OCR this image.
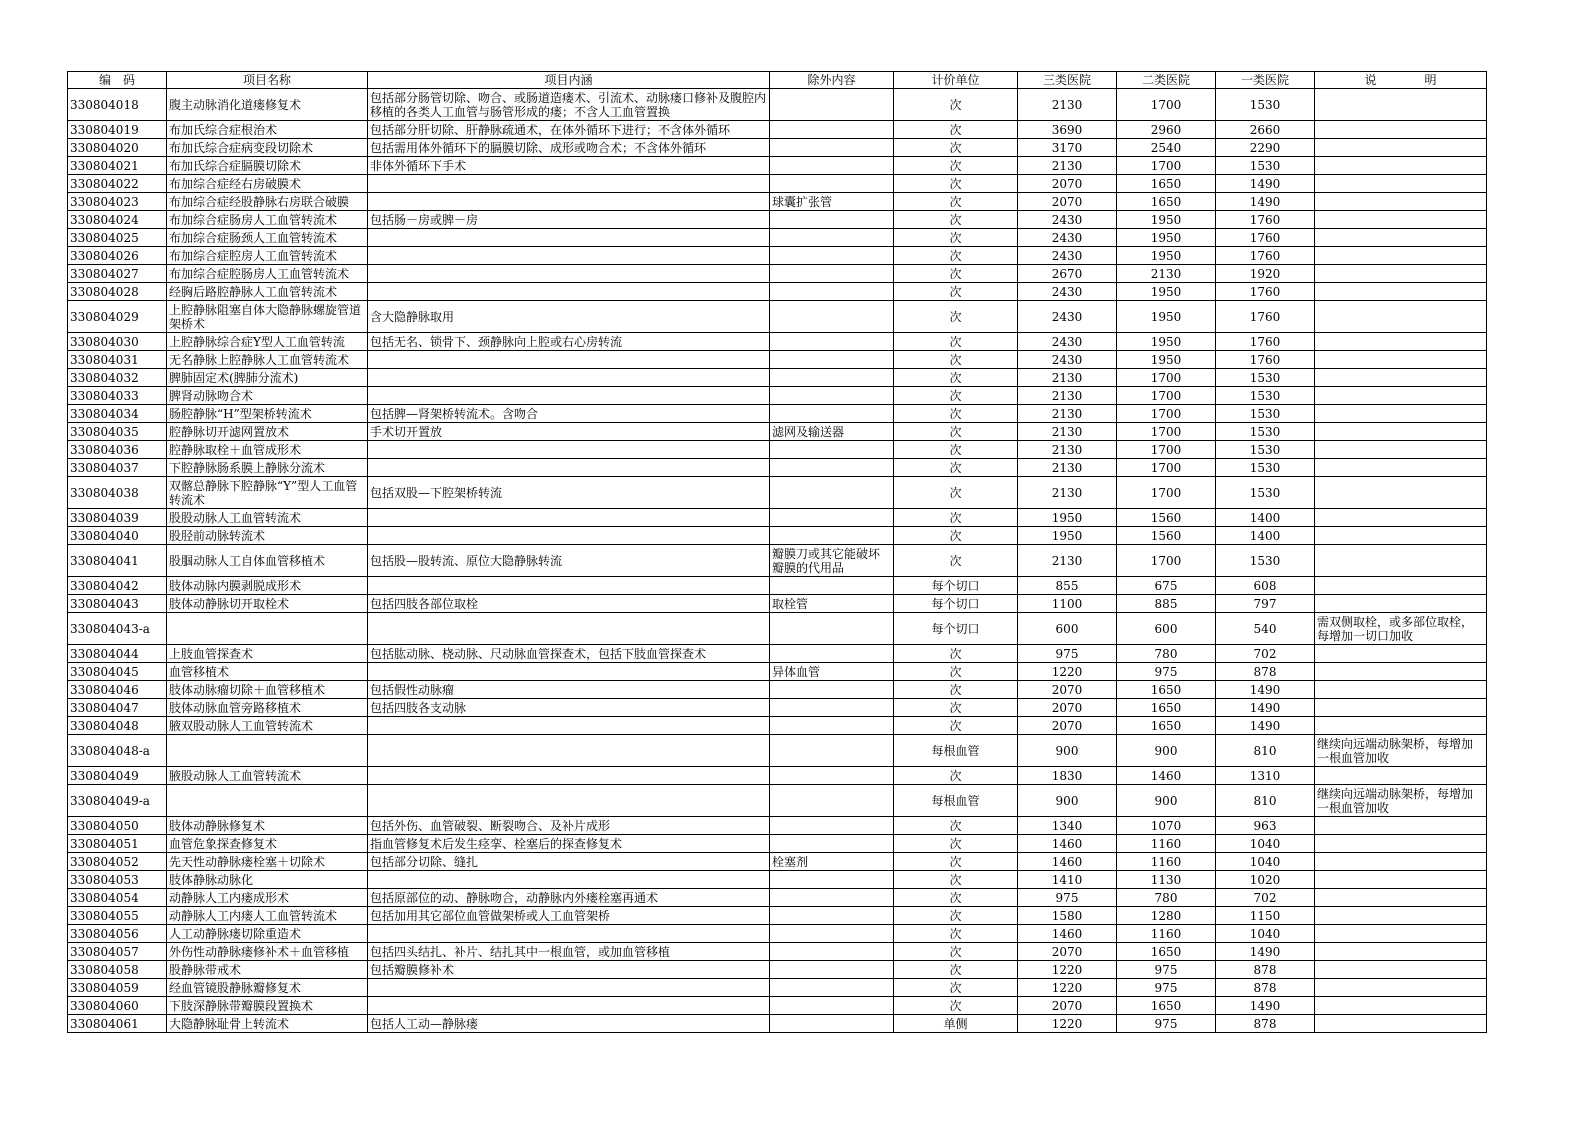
编　码	项目名称	项目内涵	除外内容	计价单位	三类医院	二类医院	一类医院	说　　　　明
330804018	腹主动脉消化道瘘修复术	包括部分肠管切除、吻合、或肠道造瘘术、引流术、动脉瘘口修补及腹腔内移植的各类人工血管与肠管形成的瘘；不含人工血管置换		次	2130	1700	1530	
330804019	布加氏综合症根治术	包括部分肝切除、肝静脉疏通术，在体外循环下进行；不含体外循环		次	3690	2960	2660	
330804020	布加氏综合症病变段切除术	包括需用体外循环下的膈膜切除、成形或吻合术；不含体外循环		次	3170	2540	2290	
330804021	布加氏综合症膈膜切除术	非体外循环下手术		次	2130	1700	1530	
330804022	布加综合症经右房破膜术			次	2070	1650	1490	
330804023	布加综合症经股静脉右房联合破膜		球囊扩张管	次	2070	1650	1490	
330804024	布加综合症肠房人工血管转流术	包括肠－房或脾－房		次	2430	1950	1760	
330804025	布加综合症肠颈人工血管转流术			次	2430	1950	1760	
330804026	布加综合症腔房人工血管转流术			次	2430	1950	1760	
330804027	布加综合症腔肠房人工血管转流术			次	2670	2130	1920	
330804028	经胸后路腔静脉人工血管转流术			次	2430	1950	1760	
330804029	上腔静脉阻塞自体大隐静脉螺旋管道架桥术	含大隐静脉取用		次	2430	1950	1760	
330804030	上腔静脉综合症Y型人工血管转流	包括无名、锁骨下、颈静脉向上腔或右心房转流		次	2430	1950	1760	
330804031	无名静脉上腔静脉人工血管转流术			次	2430	1950	1760	
330804032	脾肺固定术(脾肺分流术)			次	2130	1700	1530	
330804033	脾肾动脉吻合术			次	2130	1700	1530	
330804034	肠腔静脉“H”型架桥转流术	包括脾—肾架桥转流术。含吻合		次	2130	1700	1530	
330804035	腔静脉切开滤网置放术	手术切开置放	滤网及输送器	次	2130	1700	1530	
330804036	腔静脉取栓＋血管成形术			次	2130	1700	1530	
330804037	下腔静脉肠系膜上静脉分流术			次	2130	1700	1530	
330804038	双髂总静脉下腔静脉“Y”型人工血管转流术	包括双股—下腔架桥转流		次	2130	1700	1530	
330804039	股股动脉人工血管转流术			次	1950	1560	1400	
330804040	股胫前动脉转流术			次	1950	1560	1400	
330804041	股腘动脉人工自体血管移植术	包括股—股转流、原位大隐静脉转流	瓣膜刀或其它能破坏瓣膜的代用品	次	2130	1700	1530	
330804042	肢体动脉内膜剥脱成形术			每个切口	855	675	608	
330804043	肢体动静脉切开取栓术	包括四肢各部位取栓	取栓管	每个切口	1100	885	797	
330804043-a				每个切口	600	600	540	需双侧取栓，或多部位取栓，每增加一切口加收
330804044	上肢血管探查术	包括肱动脉、桡动脉、尺动脉血管探查术，包括下肢血管探查术		次	975	780	702	
330804045	血管移植术		异体血管	次	1220	975	878	
330804046	肢体动脉瘤切除＋血管移植术	包括假性动脉瘤		次	2070	1650	1490	
330804047	肢体动脉血管旁路移植术	包括四肢各支动脉		次	2070	1650	1490	
330804048	腋双股动脉人工血管转流术			次	2070	1650	1490	
330804048-a				每根血管	900	900	810	继续向远端动脉架桥，每增加一根血管加收
330804049	腋股动脉人工血管转流术			次	1830	1460	1310	
330804049-a				每根血管	900	900	810	继续向远端动脉架桥，每增加一根血管加收
330804050	肢体动静脉修复术	包括外伤、血管破裂、断裂吻合、及补片成形		次	1340	1070	963	
330804051	血管危象探查修复术	指血管修复术后发生痉挛、栓塞后的探查修复术		次	1460	1160	1040	
330804052	先天性动静脉瘘栓塞＋切除术	包括部分切除、缝扎	栓塞剂	次	1460	1160	1040	
330804053	肢体静脉动脉化			次	1410	1130	1020	
330804054	动静脉人工内瘘成形术	包括原部位的动、静脉吻合，动静脉内外瘘栓塞再通术		次	975	780	702	
330804055	动静脉人工内瘘人工血管转流术	包括加用其它部位血管做架桥或人工血管架桥		次	1580	1280	1150	
330804056	人工动静脉瘘切除重造术			次	1460	1160	1040	
330804057	外伤性动静脉瘘修补术＋血管移植	包括四头结扎、补片、结扎其中一根血管，或加血管移植		次	2070	1650	1490	
330804058	股静脉带戒术	包括瓣膜修补术		次	1220	975	878	
330804059	经血管镜股静脉瓣修复术			次	1220	975	878	
330804060	下肢深静脉带瓣膜段置换术			次	2070	1650	1490	
330804061	大隐静脉耻骨上转流术	包括人工动—静脉瘘		单侧	1220	975	878	
